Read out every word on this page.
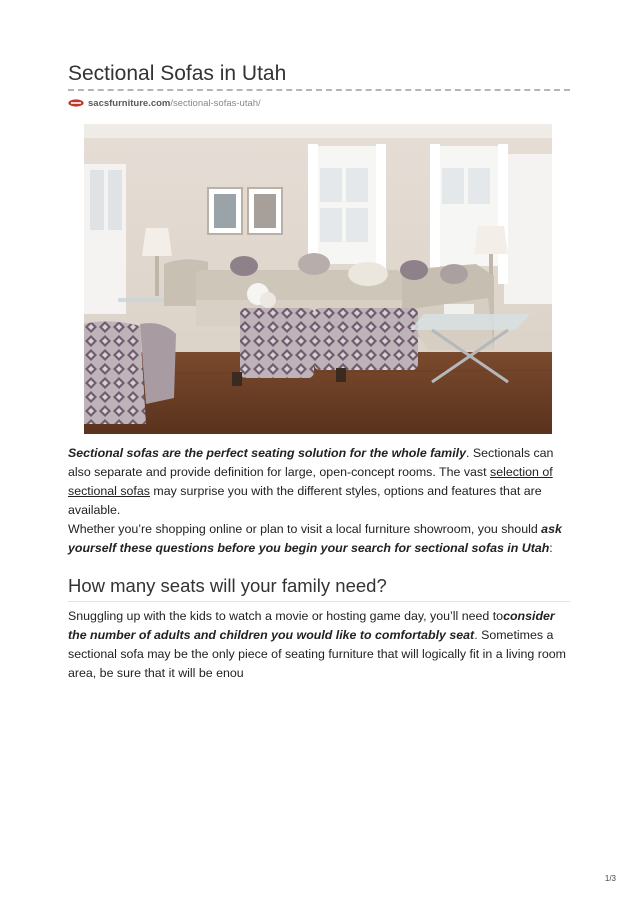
Sectional Sofas in Utah
sacsfurniture.com /sectional-sofas-utah/
Sectional sofas are the perfect seating solution for the whole family. Sectionals can also separate and provide definition for large, open-concept rooms. The vast selection of sectional sofas may surprise you with the different styles, options and features that are available.
Whether you’re shopping online or plan to visit a local furniture showroom, you should ask yourself these questions before you begin your search for sectional sofas in Utah:
How many seats will your family need?
Snuggling up with the kids to watch a movie or hosting game day, you’ll need toconsider the number of adults and children you would like to comfortably seat. Sometimes a sectional sofa may be the only piece of seating furniture that will logically fit in a living room area, be sure that it will be enou
1/3
